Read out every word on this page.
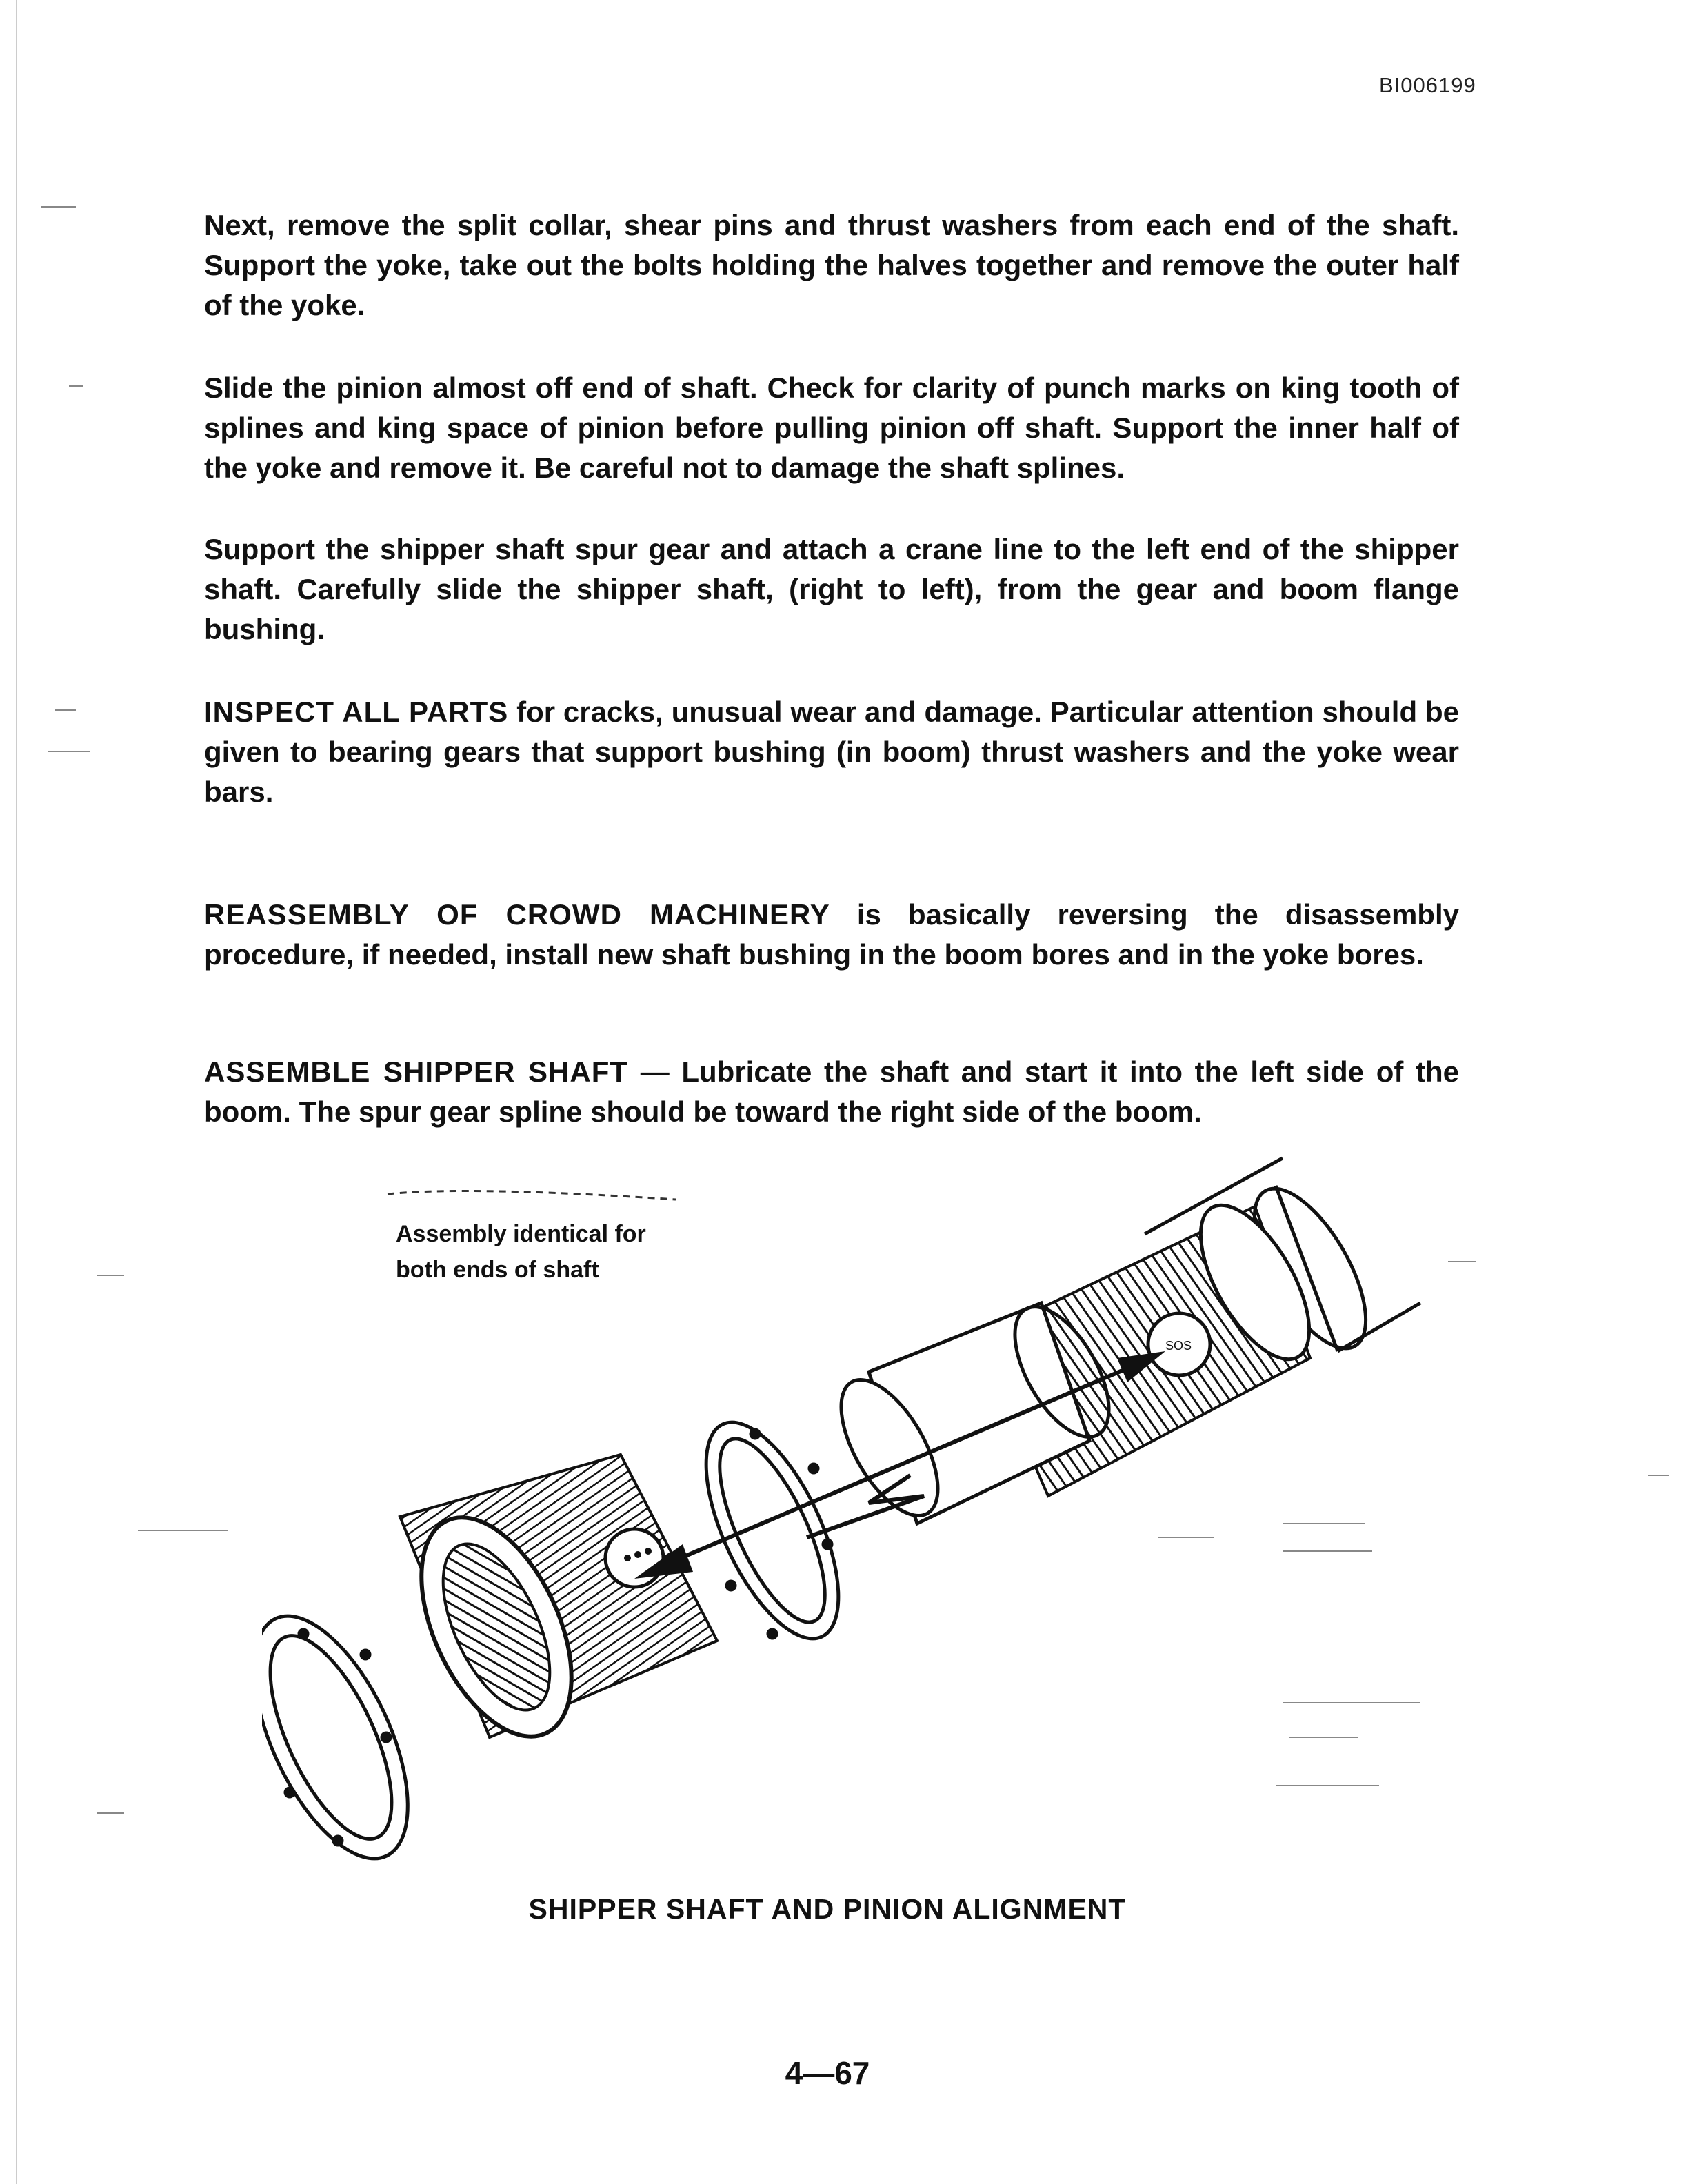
BI006199

Next, remove the split collar, shear pins and thrust washers from each end of the shaft. Support the yoke, take out the bolts holding the halves together and remove the outer half of the yoke.

Slide the pinion almost off end of shaft. Check for clarity of punch marks on king tooth of splines and king space of pinion before pulling pinion off shaft. Support the inner half of the yoke and remove it. Be careful not to damage the shaft splines.

Support the shipper shaft spur gear and attach a crane line to the left end of the shipper shaft. Carefully slide the shipper shaft, (right to left), from the gear and boom flange bushing.

INSPECT ALL PARTS for cracks, unusual wear and damage. Particular attention should be given to bearing gears that support bushing (in boom) thrust washers and the yoke wear bars.

REASSEMBLY OF CROWD MACHINERY is basically reversing the disassembly procedure, if needed, install new shaft bushing in the boom bores and in the yoke bores.

ASSEMBLE SHIPPER SHAFT — Lubricate the shaft and start it into the left side of the boom. The spur gear spline should be toward the right side of the boom.

SOS
Assembly identical for
both ends of shaft
SHIPPER SHAFT AND PINION ALIGNMENT
4—67
